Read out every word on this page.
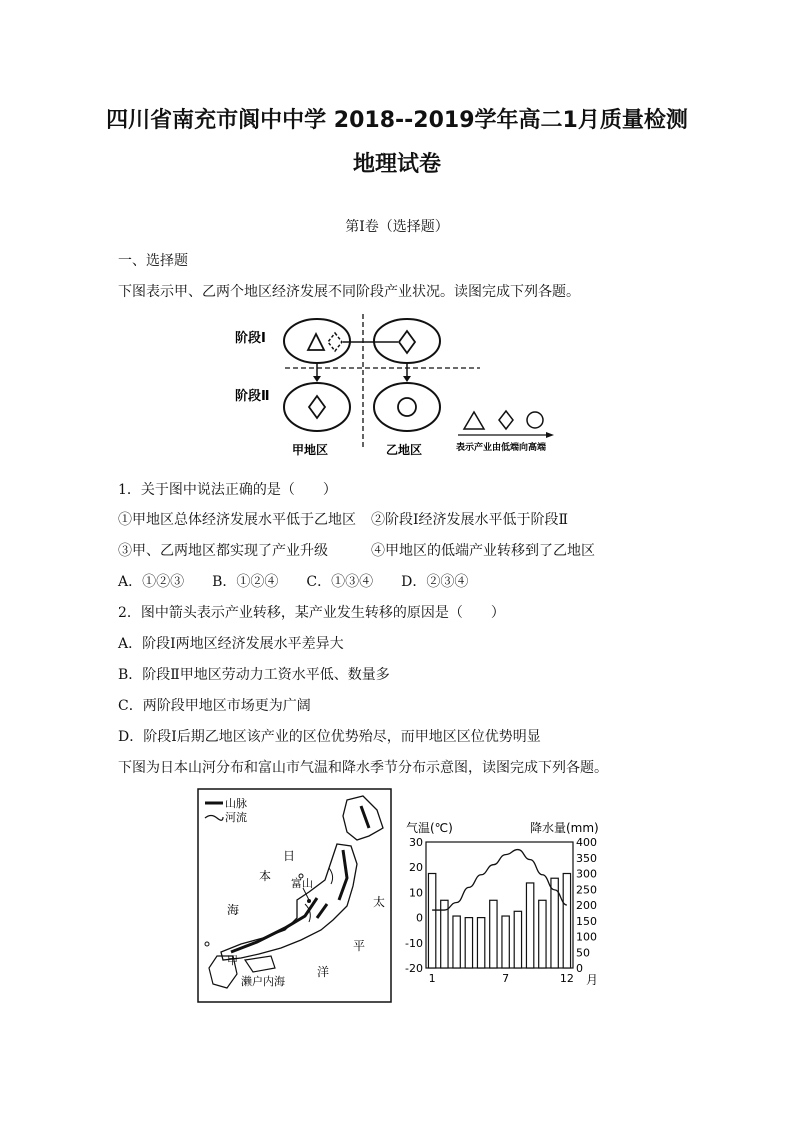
四川省南充市阆中中学 2018--2019学年高二1月质量检测
地理试卷
第I卷（选择题）
一、选择题
下图表示甲、乙两个地区经济发展不同阶段产业状况。读图完成下列各题。
阶段Ⅰ
阶段Ⅱ
甲地区	乙地区	表示产业由低端向高端
1．关于图中说法正确的是（　　）
①甲地区总体经济发展水平低于乙地区 ②阶段Ⅰ经济发展水平低于阶段Ⅱ
③甲、乙两地区都实现了产业升级	④甲地区的低端产业转移到了乙地区
A．①②③　　B．①②④　　C．①③④　　D．②③④
2．图中箭头表示产业转移，某产业发生转移的原因是（　　）
A．阶段Ⅰ两地区经济发展水平差异大
B．阶段Ⅱ甲地区劳动力工资水平低、数量多
C．两阶段甲地区市场更为广阔
D．阶段Ⅰ后期乙地区该产业的区位优势殆尽，而甲地区区位优势明显
下图为日本山河分布和富山市气温和降水季节分布示意图，读图完成下列各题。
山脉
河流
富山
日
本
海
太
平
洋
甲
濑户内海
气温(℃)	降水量(mm)
30
20
10
0
-10
-20
400
350
300
250
200
150
100
50
0
1	7	12 月
